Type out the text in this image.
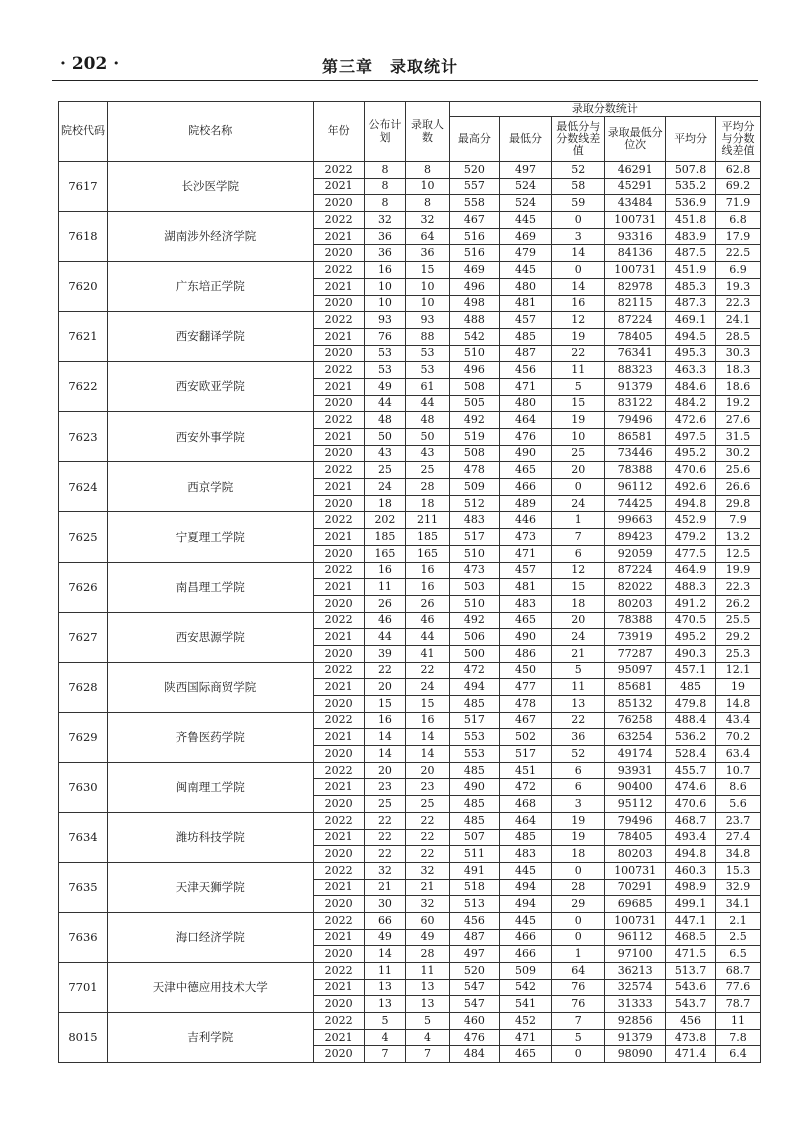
· 202 ·	第三章　录取统计
院校代码	院校名称	年份	公布计划	录取人数	录取分数统计					
					最高分	最低分	最低分与分数线差值	录取最低分位次	平均分	平均分与分数线差值
7617	长沙医学院	2022	8	8	520	497	52	46291	507.8	62.8
		2021	8	10	557	524	58	45291	535.2	69.2
		2020	8	8	558	524	59	43484	536.9	71.9
7618	湖南涉外经济学院	2022	32	32	467	445	0	100731	451.8	6.8
		2021	36	64	516	469	3	93316	483.9	17.9
		2020	36	36	516	479	14	84136	487.5	22.5
7620	广东培正学院	2022	16	15	469	445	0	100731	451.9	6.9
		2021	10	10	496	480	14	82978	485.3	19.3
		2020	10	10	498	481	16	82115	487.3	22.3
7621	西安翻译学院	2022	93	93	488	457	12	87224	469.1	24.1
		2021	76	88	542	485	19	78405	494.5	28.5
		2020	53	53	510	487	22	76341	495.3	30.3
7622	西安欧亚学院	2022	53	53	496	456	11	88323	463.3	18.3
		2021	49	61	508	471	5	91379	484.6	18.6
		2020	44	44	505	480	15	83122	484.2	19.2
7623	西安外事学院	2022	48	48	492	464	19	79496	472.6	27.6
		2021	50	50	519	476	10	86581	497.5	31.5
		2020	43	43	508	490	25	73446	495.2	30.2
7624	西京学院	2022	25	25	478	465	20	78388	470.6	25.6
		2021	24	28	509	466	0	96112	492.6	26.6
		2020	18	18	512	489	24	74425	494.8	29.8
7625	宁夏理工学院	2022	202	211	483	446	1	99663	452.9	7.9
		2021	185	185	517	473	7	89423	479.2	13.2
		2020	165	165	510	471	6	92059	477.5	12.5
7626	南昌理工学院	2022	16	16	473	457	12	87224	464.9	19.9
		2021	11	16	503	481	15	82022	488.3	22.3
		2020	26	26	510	483	18	80203	491.2	26.2
7627	西安思源学院	2022	46	46	492	465	20	78388	470.5	25.5
		2021	44	44	506	490	24	73919	495.2	29.2
		2020	39	41	500	486	21	77287	490.3	25.3
7628	陕西国际商贸学院	2022	22	22	472	450	5	95097	457.1	12.1
		2021	20	24	494	477	11	85681	485	19
		2020	15	15	485	478	13	85132	479.8	14.8
7629	齐鲁医药学院	2022	16	16	517	467	22	76258	488.4	43.4
		2021	14	14	553	502	36	63254	536.2	70.2
		2020	14	14	553	517	52	49174	528.4	63.4
7630	闽南理工学院	2022	20	20	485	451	6	93931	455.7	10.7
		2021	23	23	490	472	6	90400	474.6	8.6
		2020	25	25	485	468	3	95112	470.6	5.6
7634	潍坊科技学院	2022	22	22	485	464	19	79496	468.7	23.7
		2021	22	22	507	485	19	78405	493.4	27.4
		2020	22	22	511	483	18	80203	494.8	34.8
7635	天津天狮学院	2022	32	32	491	445	0	100731	460.3	15.3
		2021	21	21	518	494	28	70291	498.9	32.9
		2020	30	32	513	494	29	69685	499.1	34.1
7636	海口经济学院	2022	66	60	456	445	0	100731	447.1	2.1
		2021	49	49	487	466	0	96112	468.5	2.5
		2020	14	28	497	466	1	97100	471.5	6.5
7701	天津中德应用技术大学	2022	11	11	520	509	64	36213	513.7	68.7
		2021	13	13	547	542	76	32574	543.6	77.6
		2020	13	13	547	541	76	31333	543.7	78.7
8015	吉利学院	2022	5	5	460	452	7	92856	456	11
		2021	4	4	476	471	5	91379	473.8	7.8
		2020	7	7	484	465	0	98090	471.4	6.4
